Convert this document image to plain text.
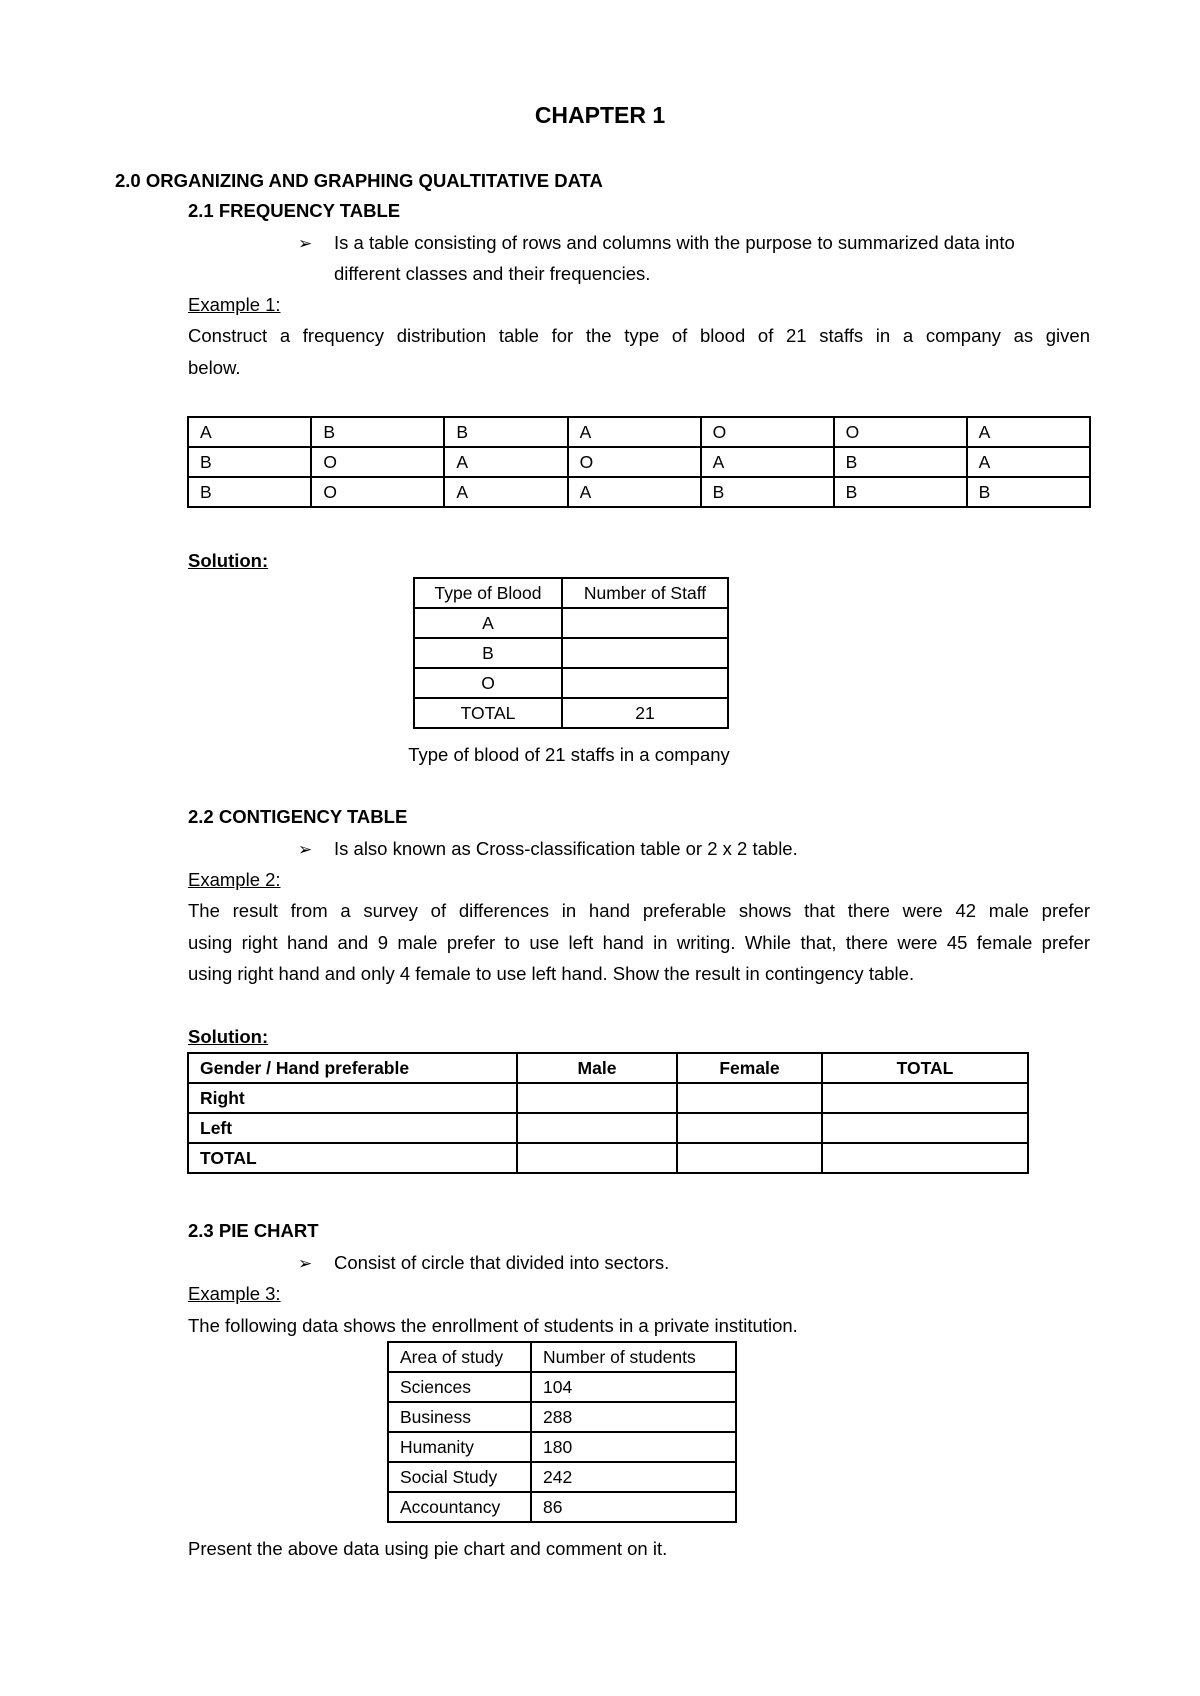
CHAPTER 1
2.0 ORGANIZING AND GRAPHING QUALTITATIVE DATA
2.1 FREQUENCY TABLE
➢ Is a table consisting of rows and columns with the purpose to summarized data into
different classes and their frequencies.
Example 1:
Construct a frequency distribution table for the type of blood of 21 staffs in a company as given
below.
A	B	B	A	O	O	A
B	O	A	O	A	B	A
B	O	A	A	B	B	B
Solution:
Type of Blood	Number of Staff
A	
B	
O	
TOTAL	21
Type of blood of 21 staffs in a company
2.2 CONTIGENCY TABLE
➢ Is also known as Cross-classification table or 2 x 2 table.
Example 2:
The result from a survey of differences in hand preferable shows that there were 42 male prefer
using right hand and 9 male prefer to use left hand in writing. While that, there were 45 female prefer
using right hand and only 4 female to use left hand. Show the result in contingency table.
Solution:
Gender / Hand preferable	Male	Female	TOTAL
Right			
Left			
TOTAL			
2.3 PIE CHART
➢ Consist of circle that divided into sectors.
Example 3:
The following data shows the enrollment of students in a private institution.
Area of study	Number of students
Sciences	104
Business	288
Humanity	180
Social Study	242
Accountancy	86
Present the above data using pie chart and comment on it.
